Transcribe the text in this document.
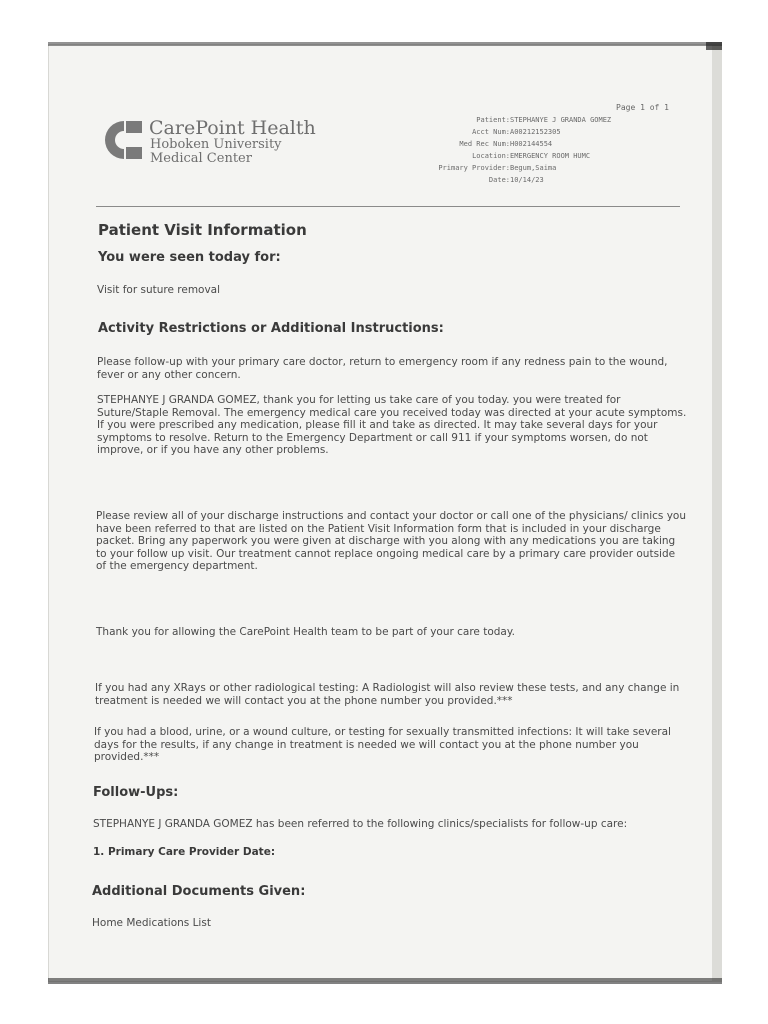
Page 1 of 1
CarePoint Health
Hoboken University
Medical Center
Patient: STEPHANYE J GRANDA GOMEZ
Acct Num: A00212152305
Med Rec Num: H002144554
Location: EMERGENCY ROOM HUMC
Primary Provider: Begum,Saima
Date: 10/14/23
Patient Visit Information
You were seen today for:
Visit for suture removal
Activity Restrictions or Additional Instructions:
Please follow-up with your primary care doctor, return to emergency room if any redness pain to the wound, fever or any other concern.
STEPHANYE J GRANDA GOMEZ, thank you for letting us take care of you today. you were treated for Suture/Staple Removal. The emergency medical care you received today was directed at your acute symptoms. If you were prescribed any medication, please fill it and take as directed. It may take several days for your symptoms to resolve. Return to the Emergency Department or call 911 if your symptoms worsen, do not improve, or if you have any other problems.
Please review all of your discharge instructions and contact your doctor or call one of the physicians/ clinics you have been referred to that are listed on the Patient Visit Information form that is included in your discharge packet. Bring any paperwork you were given at discharge with you along with any medications you are taking to your follow up visit. Our treatment cannot replace ongoing medical care by a primary care provider outside of the emergency department.
Thank you for allowing the CarePoint Health team to be part of your care today.
If you had any XRays or other radiological testing: A Radiologist will also review these tests, and any change in treatment is needed we will contact you at the phone number you provided.***
If you had a blood, urine, or a wound culture, or testing for sexually transmitted infections: It will take several days for the results, if any change in treatment is needed we will contact you at the phone number you provided.***
Follow-Ups:
STEPHANYE J GRANDA GOMEZ has been referred to the following clinics/specialists for follow-up care:
1. Primary Care Provider Date:
Additional Documents Given:
Home Medications List
